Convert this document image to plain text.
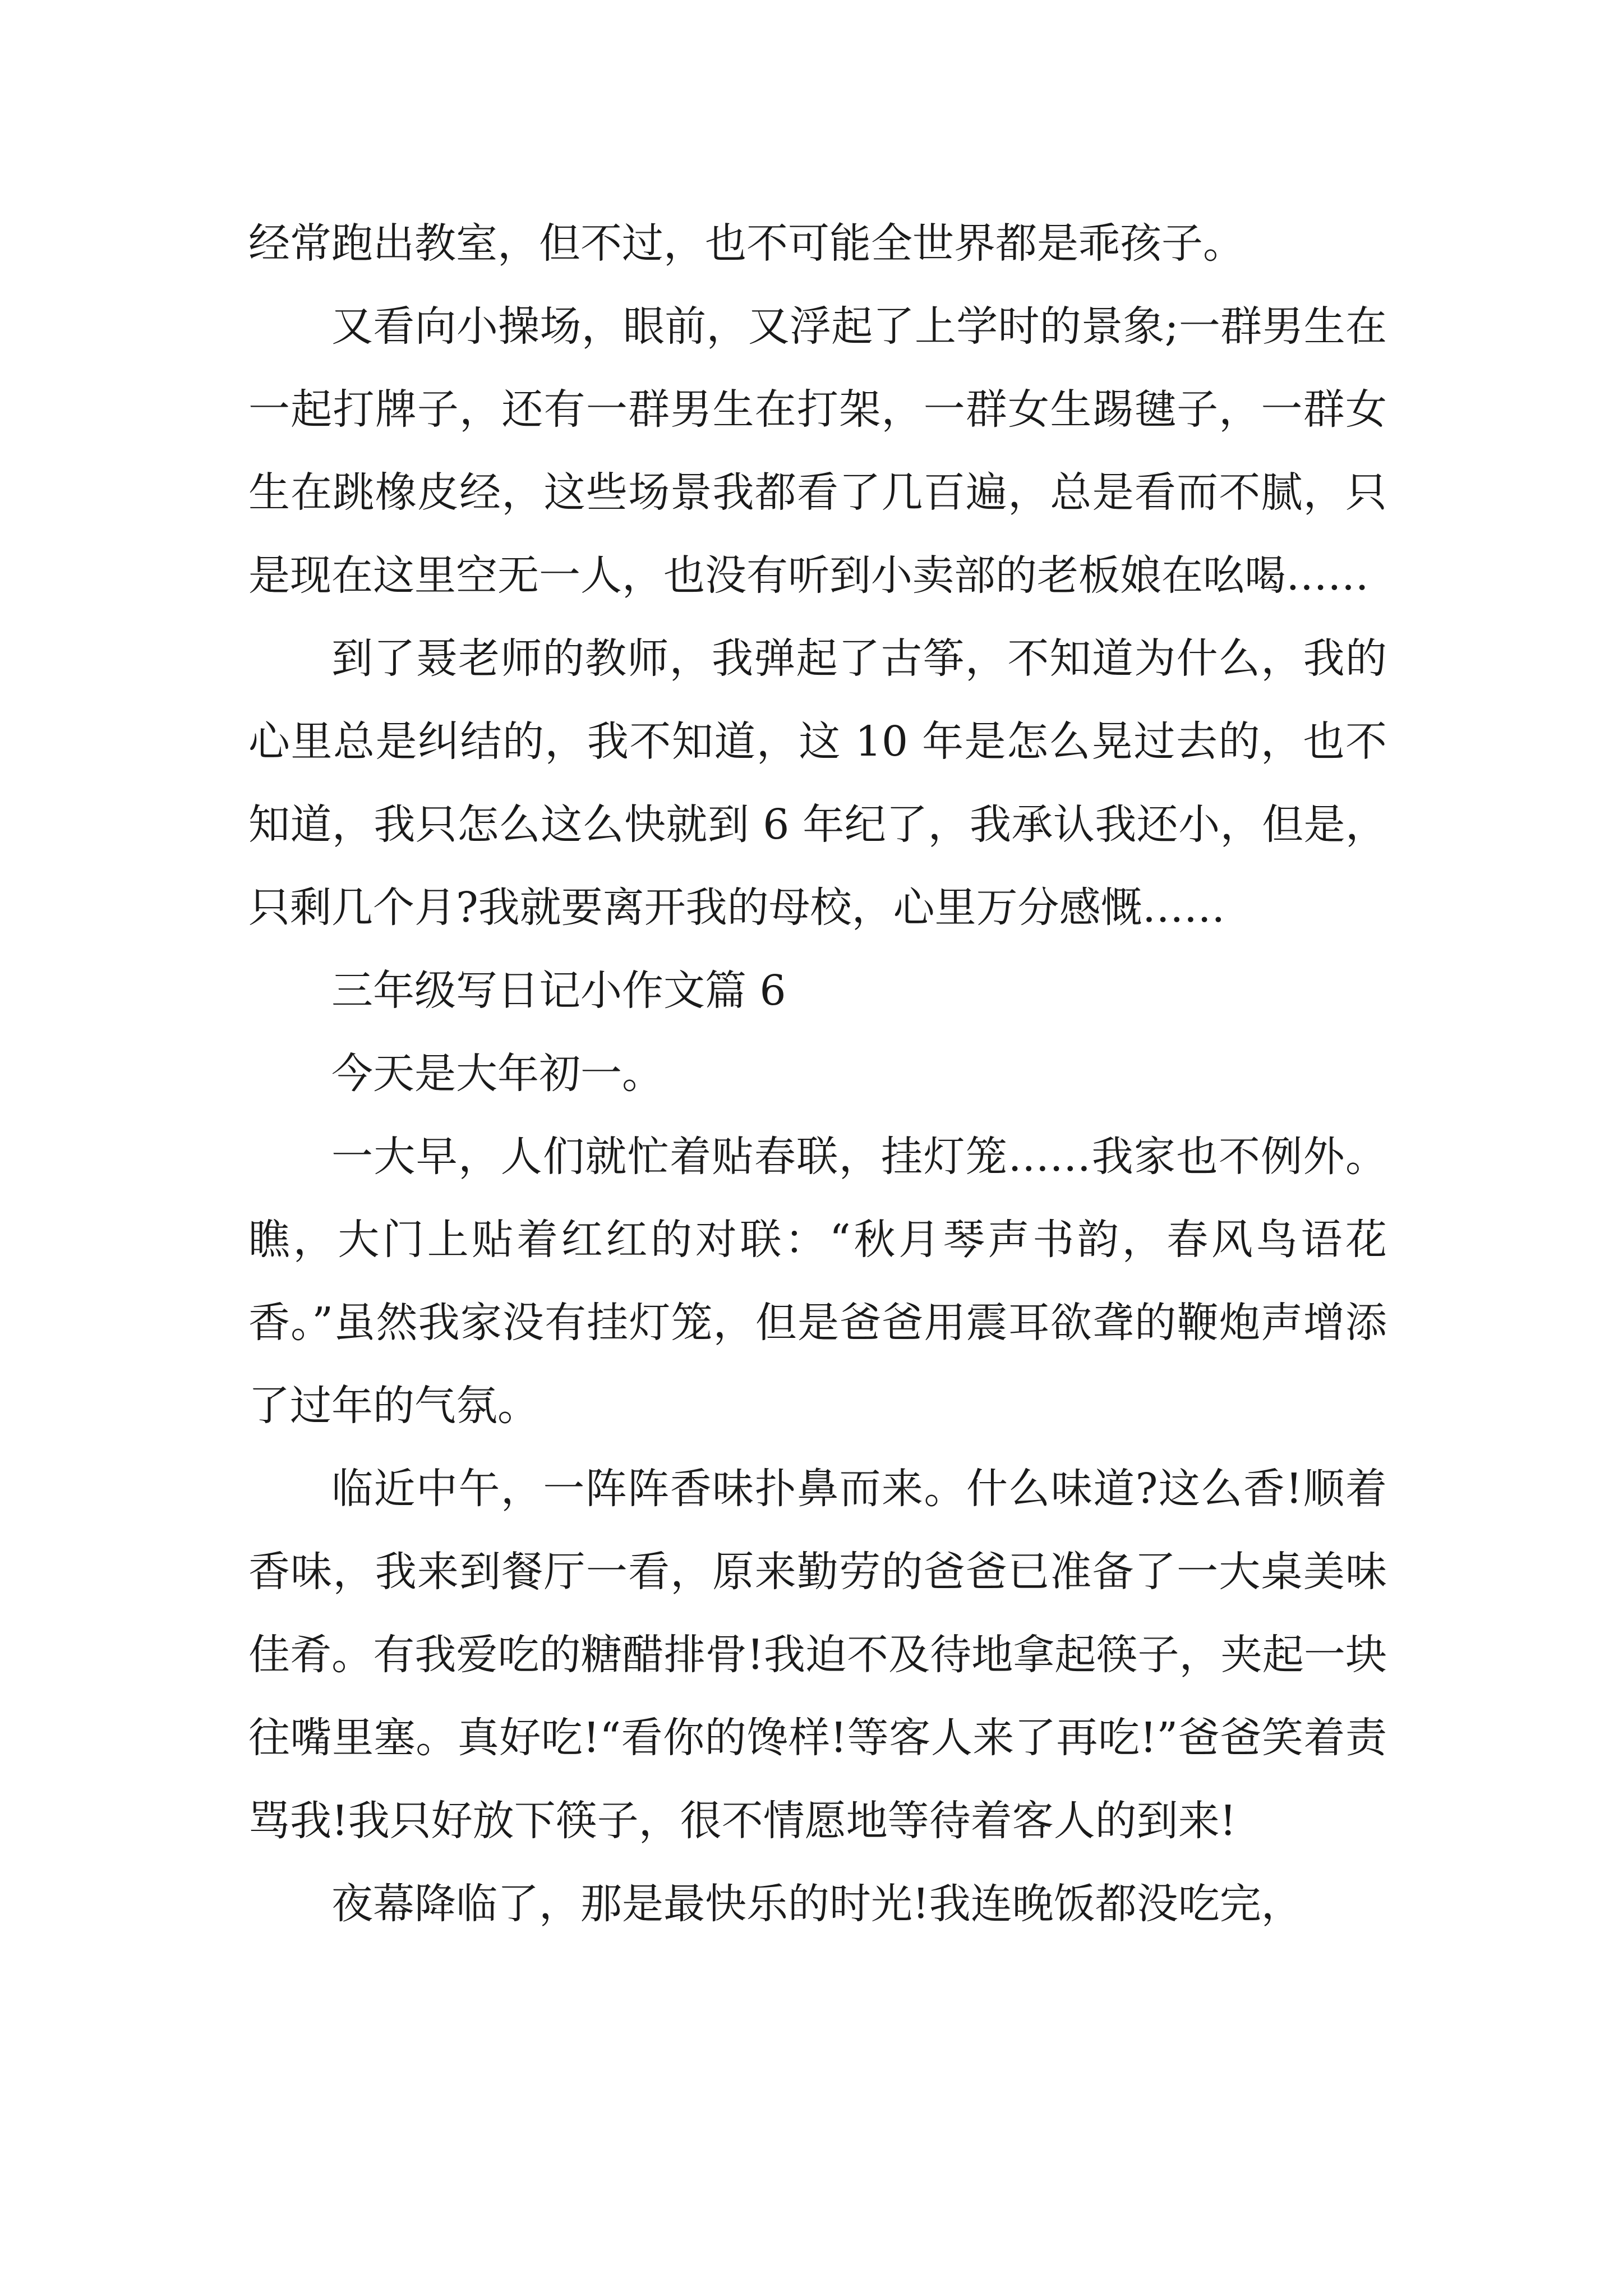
经常跑出教室，但不过，也不可能全世界都是乖孩子。

又看向小操场，眼前，又浮起了上学时的景象;一群男生在一起打牌子，还有一群男生在打架，一群女生踢毽子，一群女生在跳橡皮经，这些场景我都看了几百遍，总是看而不腻，只是现在这里空无一人，也没有听到小卖部的老板娘在吆喝……

到了聂老师的教师，我弹起了古筝，不知道为什么，我的心里总是纠结的，我不知道，这 10 年是怎么晃过去的，也不知道，我只怎么这么快就到 6 年纪了，我承认我还小，但是，只剩几个月?我就要离开我的母校，心里万分感慨……

三年级写日记小作文篇 6

今天是大年初一。

一大早，人们就忙着贴春联，挂灯笼……我家也不例外。瞧，大门上贴着红红的对联：“秋月琴声书韵，春风鸟语花香。”虽然我家没有挂灯笼，但是爸爸用震耳欲聋的鞭炮声增添了过年的气氛。

临近中午，一阵阵香味扑鼻而来。什么味道?这么香!顺着香味，我来到餐厅一看，原来勤劳的爸爸已准备了一大桌美味佳肴。有我爱吃的糖醋排骨!我迫不及待地拿起筷子，夹起一块往嘴里塞。真好吃!“看你的馋样!等客人来了再吃!”爸爸笑着责骂我!我只好放下筷子，很不情愿地等待着客人的到来!

夜幕降临了，那是最快乐的时光!我连晚饭都没吃完，
